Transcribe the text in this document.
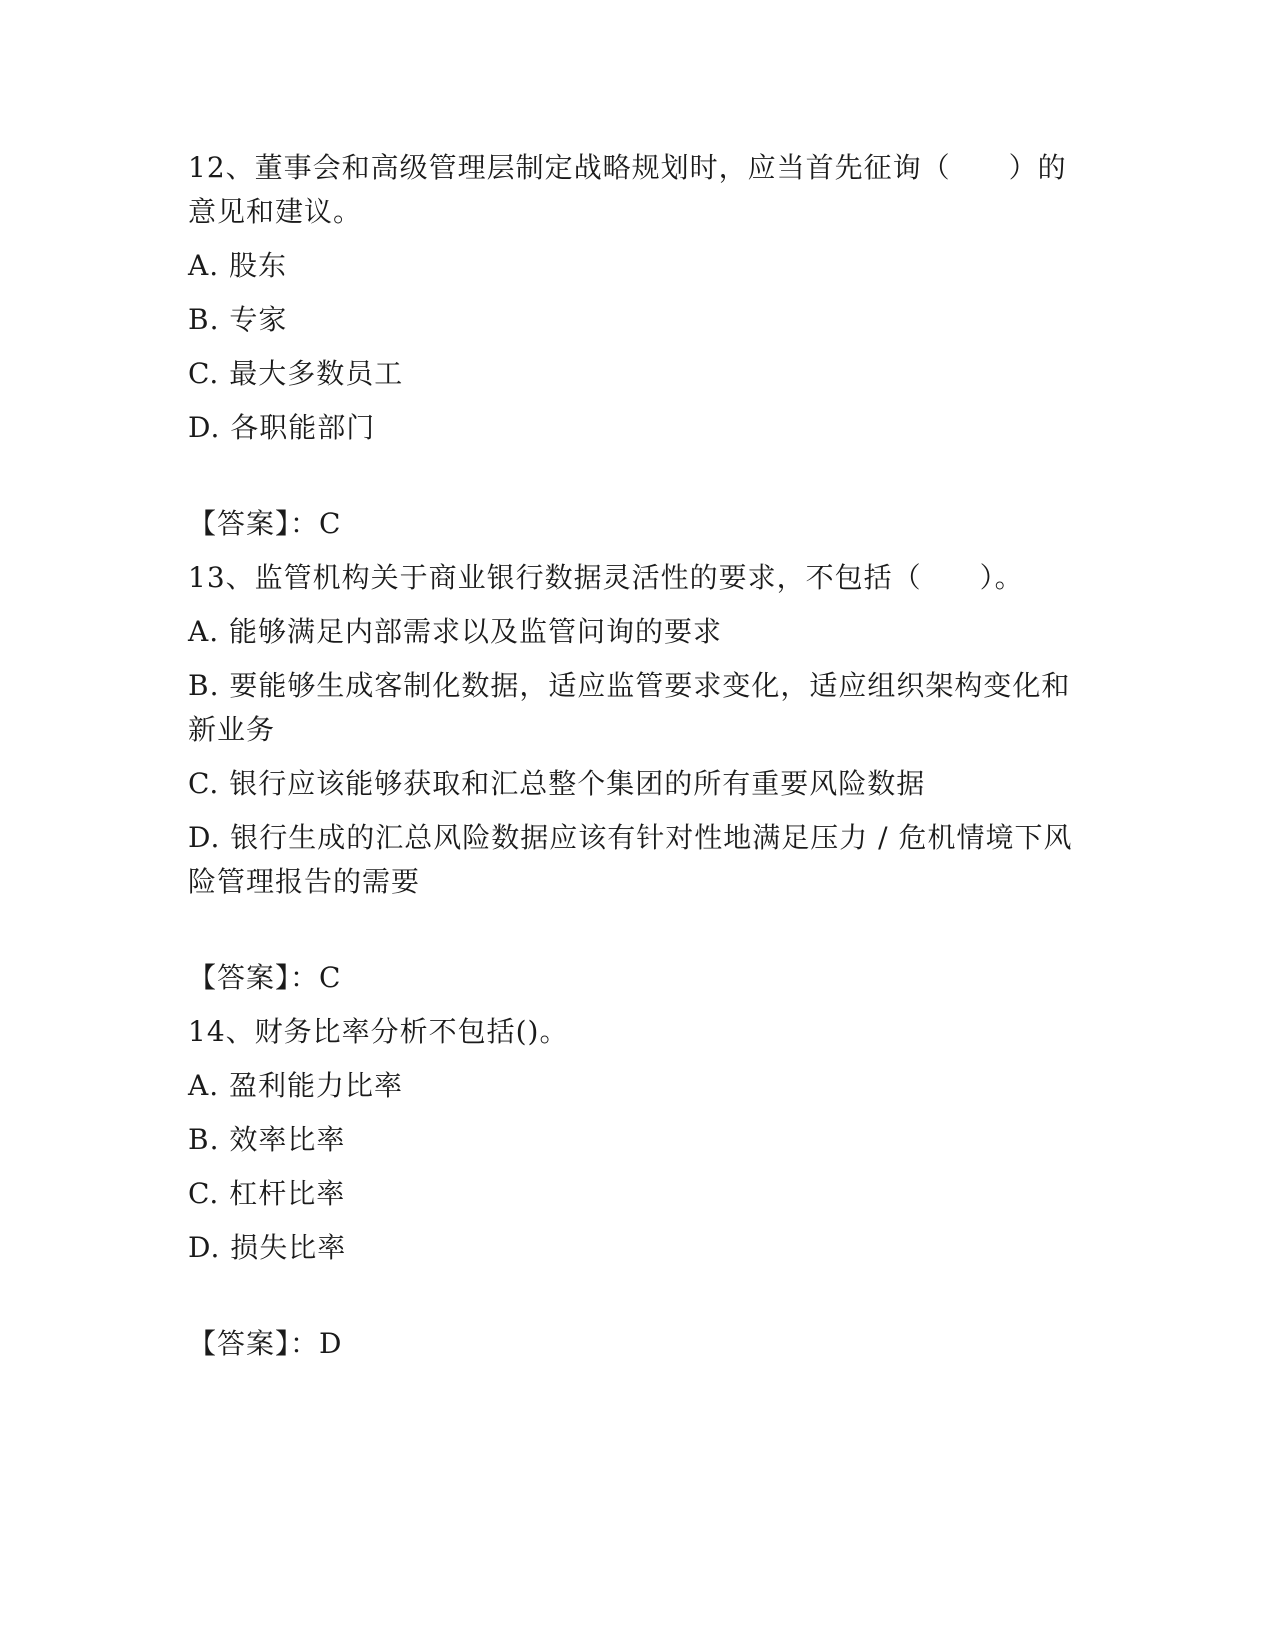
12、董事会和高级管理层制定战略规划时，应当首先征询（　　）的
意见和建议。
A. 股东
B. 专家
C. 最大多数员工
D. 各职能部门
【答案】：C
13、监管机构关于商业银行数据灵活性的要求，不包括（　　）。
A. 能够满足内部需求以及监管问询的要求
B. 要能够生成客制化数据，适应监管要求变化，适应组织架构变化和
新业务
C. 银行应该能够获取和汇总整个集团的所有重要风险数据
D. 银行生成的汇总风险数据应该有针对性地满足压力 / 危机情境下风
险管理报告的需要
【答案】：C
14、财务比率分析不包括()。
A. 盈利能力比率
B. 效率比率
C. 杠杆比率
D. 损失比率
【答案】：D
